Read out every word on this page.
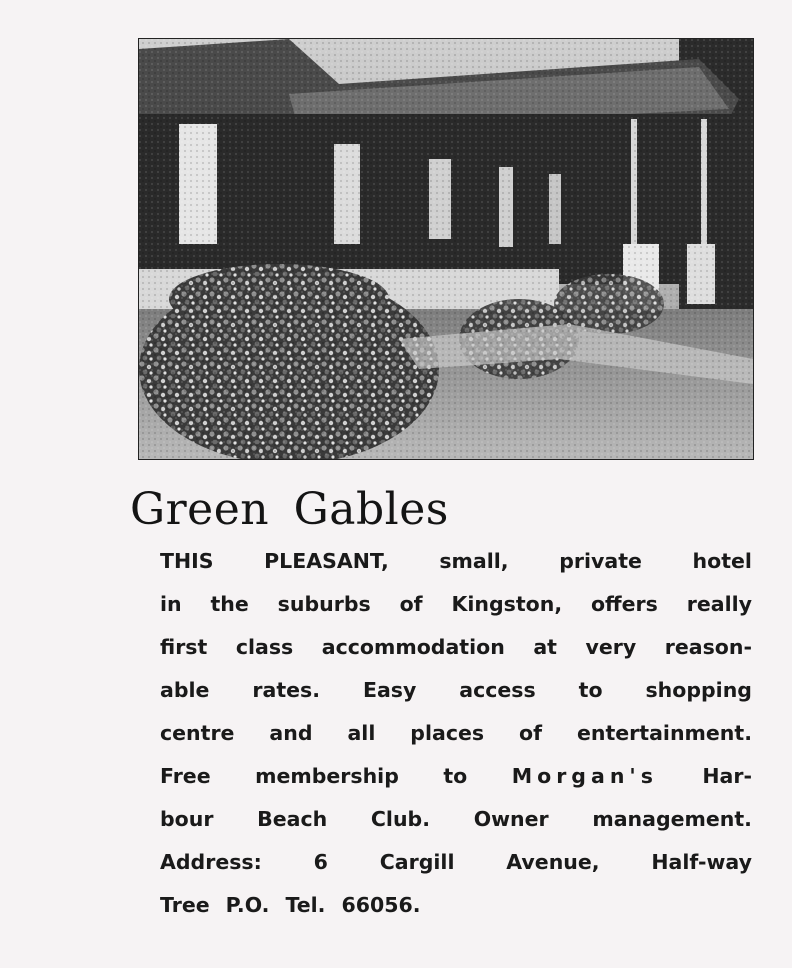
Green Gables
THIS PLEASANT, small, private hotel
in the suburbs of Kingston, offers really
first class accommodation at very reason-
able rates. Easy access to shopping
centre and all places of entertainment.
Free membership to Morgan's Har-
bour Beach Club. Owner management.
Address:	6	Cargill	Avenue,	Half-way
Tree P.O. Tel. 66056.
